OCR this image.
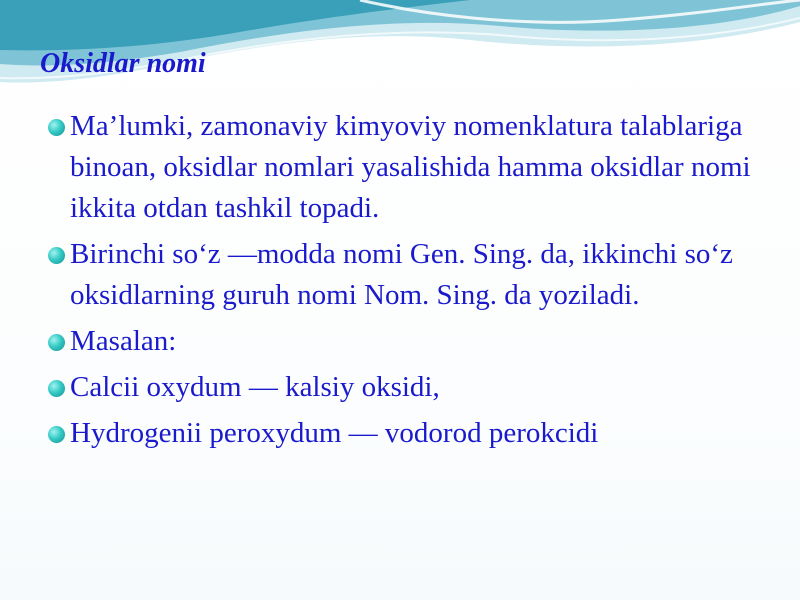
Oksidlar nomi
Ma’lumki, zamonaviy kimyoviy nomenklatura talablariga binoan, oksidlar nomlari yasalishida hamma oksidlar nomi ikkita otdan tashkil topadi.
Birinchi so‘z —modda nomi Gen. Sing. da, ikkinchi so‘z oksidlarning guruh nomi Nom. Sing. da yoziladi.
Masalan:
Calcii oxydum — kalsiy oksidi,
Hydrogenii peroxydum — vodorod perokcidi
